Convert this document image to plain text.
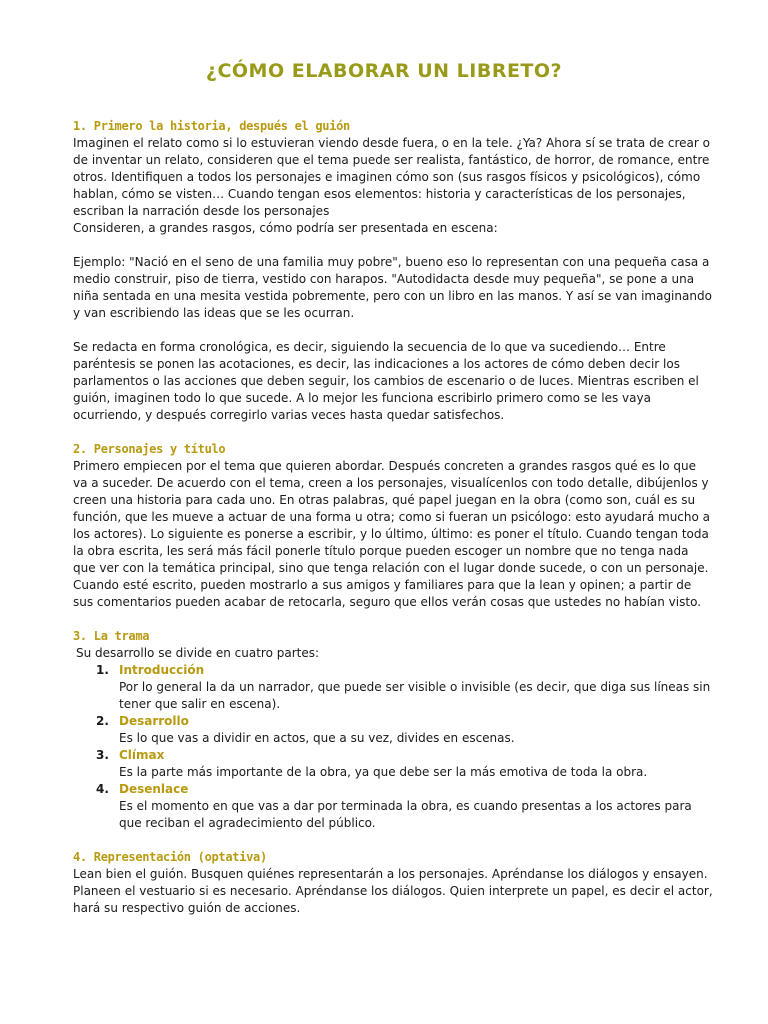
¿CÓMO ELABORAR UN LIBRETO?
1. Primero la historia, después el guión

Imaginen el relato como si lo estuvieran viendo desde fuera, o en la tele. ¿Ya? Ahora sí se trata de crear o de inventar un relato, consideren que el tema puede ser realista, fantástico, de horror, de romance, entre otros. Identifiquen a todos los personajes e imaginen cómo son (sus rasgos físicos y psicológicos), cómo hablan, cómo se visten… Cuando tengan esos elementos: historia y características de los personajes, escriban la narración desde los personajes

Consideren, a grandes rasgos, cómo podría ser presentada en escena:

Ejemplo: "Nació en el seno de una familia muy pobre", bueno eso lo representan con una pequeña casa a medio construir, piso de tierra, vestido con harapos. "Autodidacta desde muy pequeña", se pone a una niña sentada en una mesita vestida pobremente, pero con un libro en las manos. Y así se van imaginando y van escribiendo las ideas que se les ocurran.

Se redacta en forma cronológica, es decir, siguiendo la secuencia de lo que va sucediendo… Entre paréntesis se ponen las acotaciones, es decir, las indicaciones a los actores de cómo deben decir los parlamentos o las acciones que deben seguir, los cambios de escenario o de luces. Mientras escriben el guión, imaginen todo lo que sucede. A lo mejor les funciona escribirlo primero como se les vaya ocurriendo, y después corregirlo varias veces hasta quedar satisfechos.

2. Personajes y título

Primero empiecen por el tema que quieren abordar. Después concreten a grandes rasgos qué es lo que va a suceder. De acuerdo con el tema, creen a los personajes, visualícenlos con todo detalle, dibújenlos y creen una historia para cada uno. En otras palabras, qué papel juegan en la obra (como son, cuál es su función, que les mueve a actuar de una forma u otra; como si fueran un psicólogo: esto ayudará mucho a los actores). Lo siguiente es ponerse a escribir, y lo último, último: es poner el título. Cuando tengan toda la obra escrita, les será más fácil ponerle título porque pueden escoger un nombre que no tenga nada que ver con la temática principal, sino que tenga relación con el lugar donde sucede, o con un personaje. Cuando esté escrito, pueden mostrarlo a sus amigos y familiares para que la lean y opinen; a partir de sus comentarios pueden acabar de retocarla, seguro que ellos verán cosas que ustedes no habían visto.

3. La trama

Su desarrollo se divide en cuatro partes:

1. Introducción
Por lo general la da un narrador, que puede ser visible o invisible (es decir, que diga sus líneas sin tener que salir en escena).
2. Desarrollo
Es lo que vas a dividir en actos, que a su vez, divides en escenas.
3. Clímax
Es la parte más importante de la obra, ya que debe ser la más emotiva de toda la obra.
4. Desenlace
Es el momento en que vas a dar por terminada la obra, es cuando presentas a los actores para que reciban el agradecimiento del público.
4. Representación (optativa)

Lean bien el guión. Busquen quiénes representarán a los personajes. Apréndanse los diálogos y ensayen. Planeen el vestuario si es necesario. Apréndanse los diálogos. Quien interprete un papel, es decir el actor, hará su respectivo guión de acciones.
